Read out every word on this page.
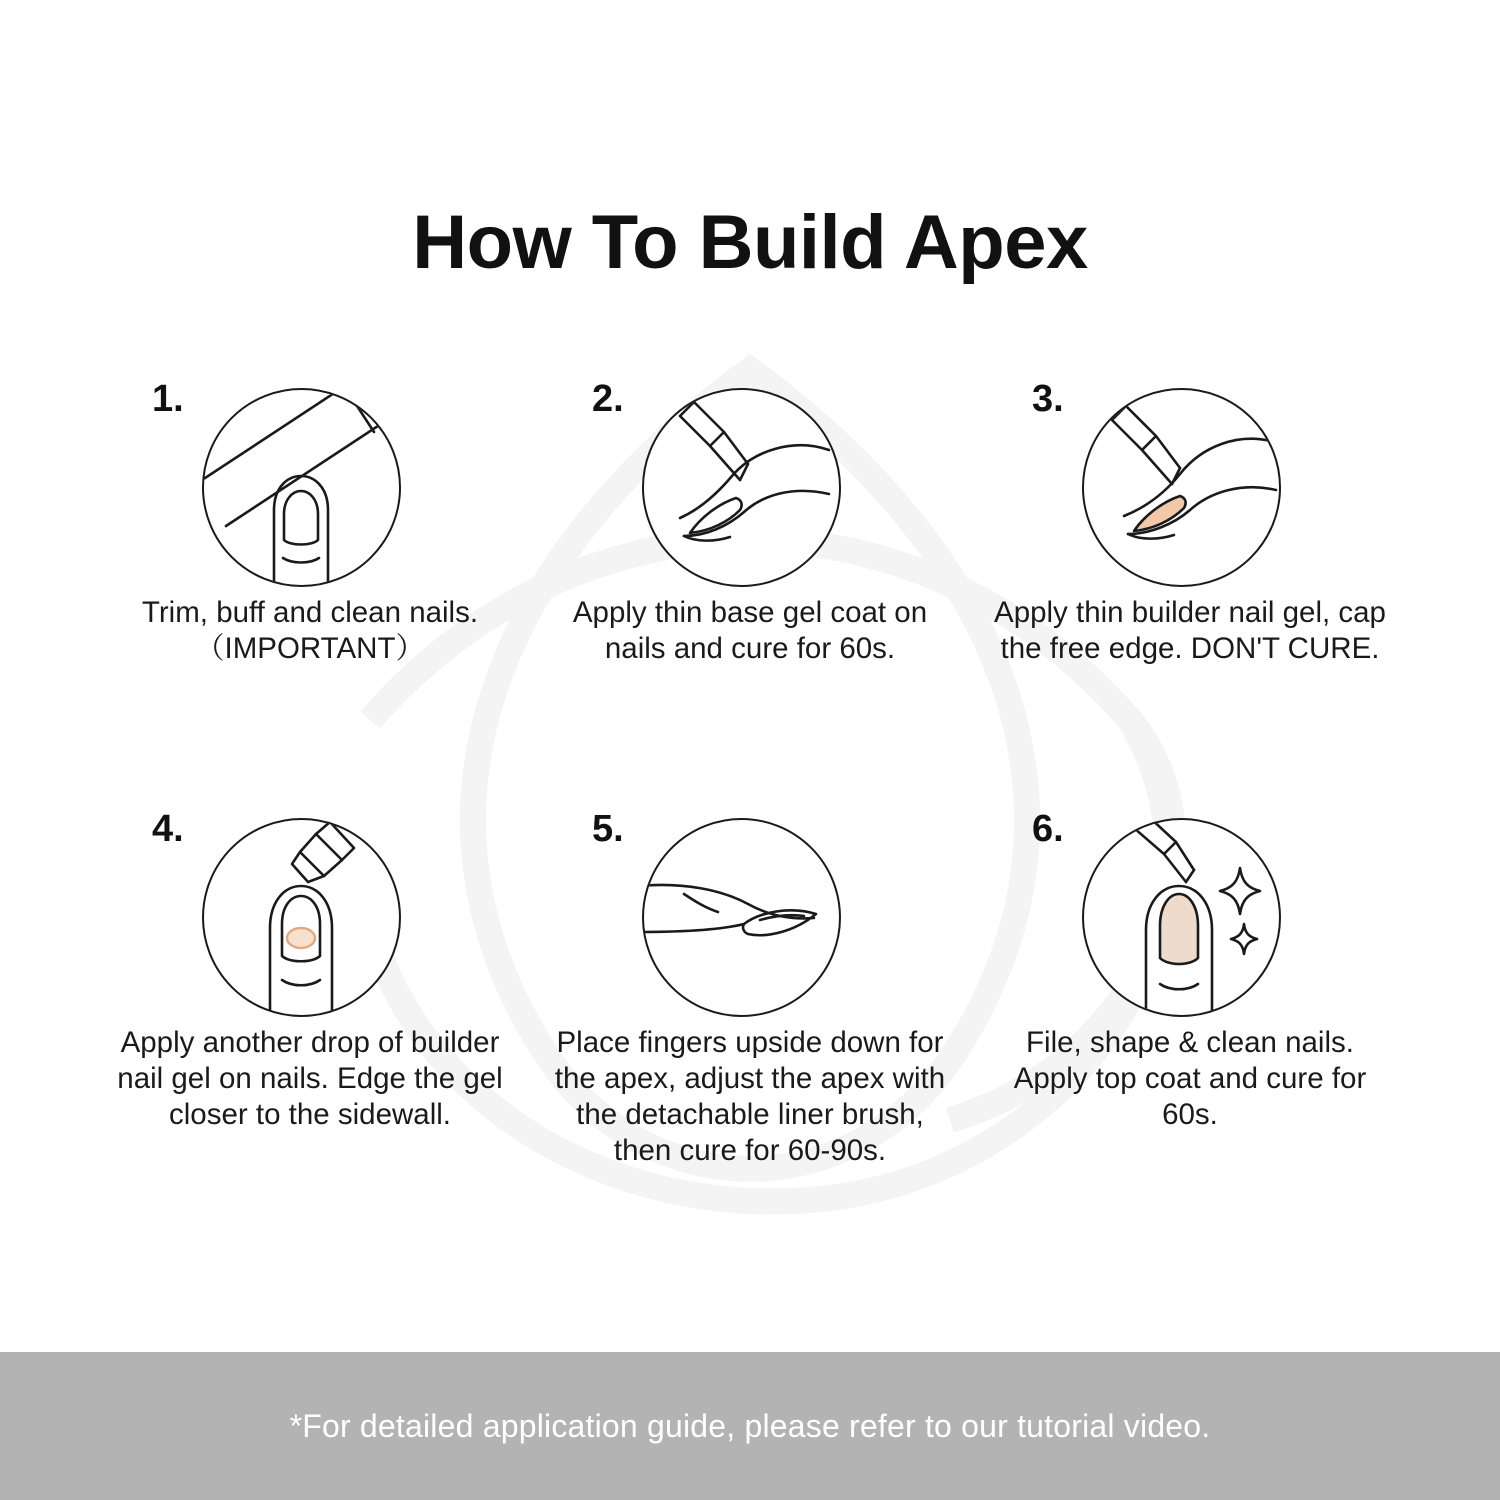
How To Build Apex
1.
Trim, buff and clean nails.（IMPORTANT）
2.
Apply thin base gel coat on nails and cure for 60s.
3.
Apply thin builder nail gel, cap the free edge. DON'T CURE.
4.
Apply another drop of builder nail gel on nails. Edge the gel closer to the sidewall.
5.
Place fingers upside down for the apex, adjust the apex with the detachable liner brush, then cure for 60-90s.
6.
File, shape & clean nails. Apply top coat and cure for 60s.
*For detailed application guide, please refer to our tutorial video.
